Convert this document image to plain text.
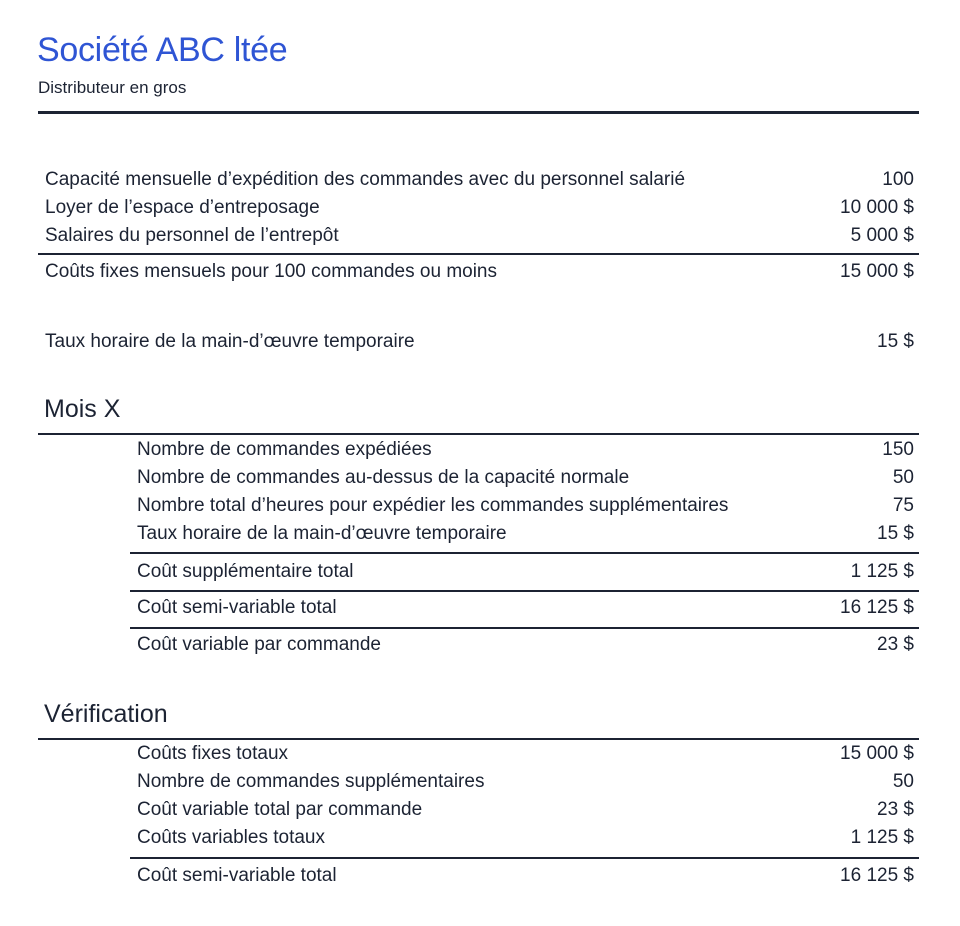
Société ABC ltée
Distributeur en gros
Capacité mensuelle d’expédition des commandes avec du personnel salarié	100
Loyer de l’espace d’entreposage	10 000 $
Salaires du personnel de l’entrepôt	5 000 $
Coûts fixes mensuels pour 100 commandes ou moins	15 000 $
Taux horaire de la main-d’œuvre temporaire	15 $
Mois X
Nombre de commandes expédiées	150
Nombre de commandes au-dessus de la capacité normale	50
Nombre total d’heures pour expédier les commandes supplémentaires	75
Taux horaire de la main-d’œuvre temporaire	15 $
Coût supplémentaire total	1 125 $
Coût semi-variable total	16 125 $
Coût variable par commande	23 $
Vérification
Coûts fixes totaux	15 000 $
Nombre de commandes supplémentaires	50
Coût variable total par commande	23 $
Coûts variables totaux	1 125 $
Coût semi-variable total	16 125 $
